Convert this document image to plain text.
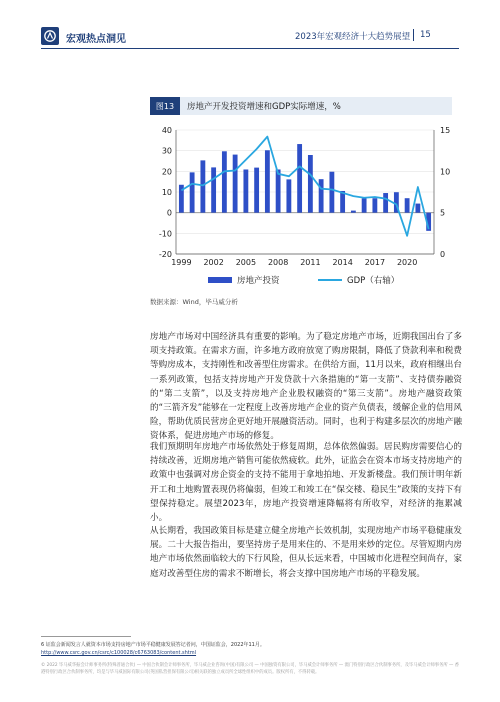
宏观热点洞见	2023年宏观经济十大趋势展望 15
图13	房地产开发投资增速和GDP实际增速，%
40
30
20
10
0
-10
-20
15
10
5
0
1999 2002 2005 2008 2011 2014 2017 2020
房地产投资	GDP（右轴）
数据来源：Wind，毕马威分析
房地产市场对中国经济具有重要的影响。为了稳定房地产市场，近期我国出台了多项支持政策。在需求方面，许多地方政府放宽了购房限制，降低了贷款利率和税费等购房成本，支持刚性和改善型住房需求。在供给方面，11月以来，政府相继出台一系列政策，包括支持房地产开发贷款十六条措施的“第一支箭”、支持债券融资的“第二支箭”，以及支持房地产企业股权融资的“第三支箭”。房地产融资政策的“三箭齐发”能够在一定程度上改善房地产企业的资产负债表，缓解企业的信用风险，帮助优质民营房企更好地开展融资活动。同时，也利于构建多层次的房地产融资体系，促进房地产市场的修复。
我们预期明年房地产市场依然处于修复周期，总体依然偏弱。居民购房需要信心的持续改善，近期房地产销售可能依然疲软。此外，证监会在资本市场支持房地产的政策中也强调对房企资金的支持不能用于拿地拍地、开发新楼盘。我们预计明年新开工和土地购置表现仍将偏弱，但竣工和竣工在“保交楼、稳民生”政策的支持下有望保持稳定。展望2023年，房地产投资增速降幅将有所收窄，对经济的拖累减小。
从长期看，我国政策目标是建立健全房地产长效机制，实现房地产市场平稳健康发展。二十大报告指出，要坚持房子是用来住的、不是用来炒的定位。尽管短期内房地产市场依然面临较大的下行风险，但从长远来看，中国城市化进程空间尚存，家庭对改善型住房的需求不断增长，将会支撑中国房地产市场的平稳发展。
6 证监会新闻发言人就资本市场支持房地产市场平稳健康发展答记者问，中国证监会，2022年11月。
http://www.csrc.gov.cn/csrc/c100028/c6763083/content.shtml
© 2022 毕马威华振会计师事务所(特殊普通合伙) — 中国合伙制会计师事务所，毕马威企业咨询(中国)有限公司 — 中国独资有限公司，毕马威会计师事务所 — 澳门特别行政区合伙制事务所，及毕马威会计师事务所 — 香港特别行政区合伙制事务所，均是与毕马威国际有限公司(英国私营担保有限公司)相关联的独立成员所全球性组织中的成员。版权所有，不得转载。
